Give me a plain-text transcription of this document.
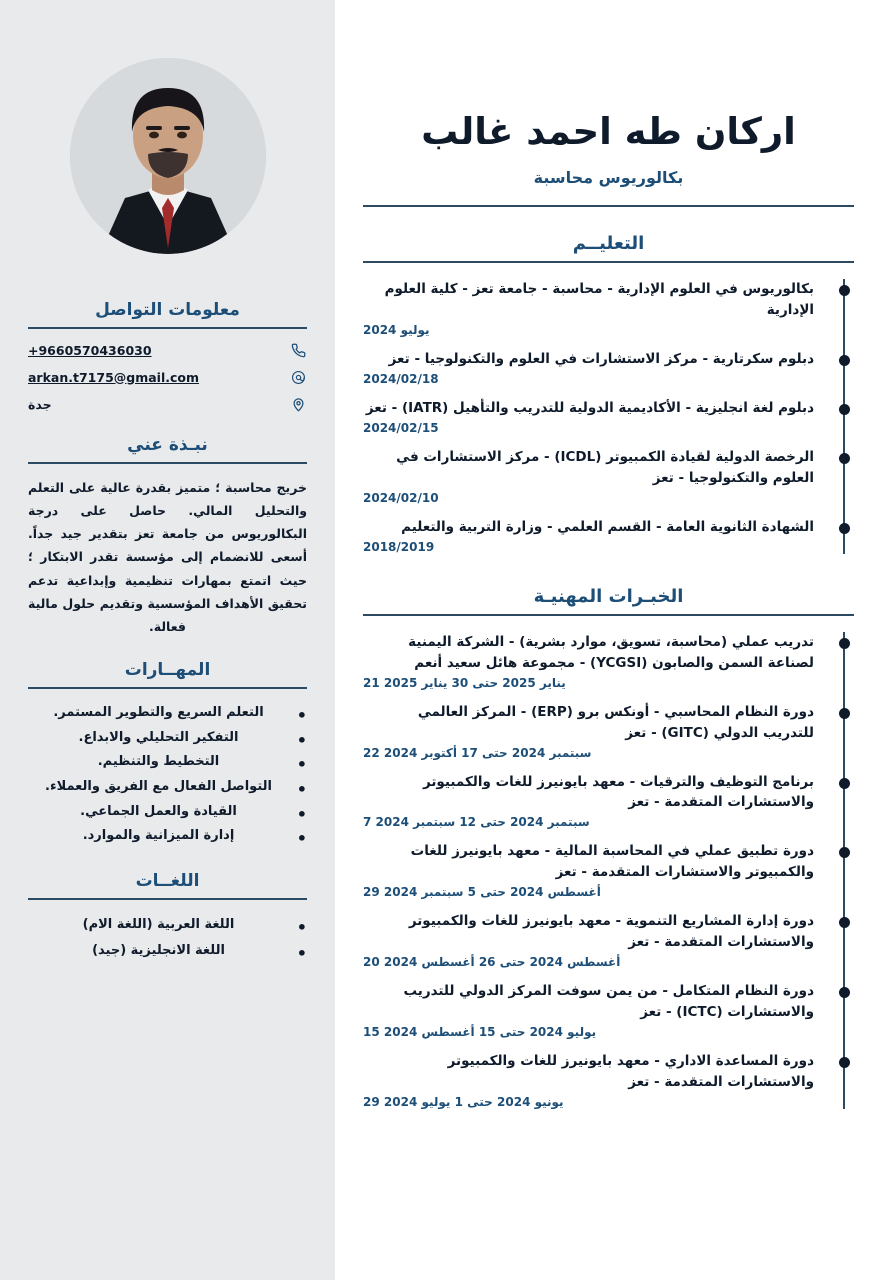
اركان طه احمد غالب
بكالوريوس محاسبة
التعليــم
بكالوريوس في العلوم الإدارية - محاسبة - جامعة تعز - كلية العلوم الإدارية
يوليو 2024
دبلوم سكرتارية - مركز الاستشارات في العلوم والتكنولوجيا - تعز
2024/02/18
دبلوم لغة انجليزية - الأكاديمية الدولية للتدريب والتأهيل (IATR) - تعز
2024/02/15
الرخصة الدولية لقيادة الكمبيوتر (ICDL) - مركز الاستشارات في العلوم والتكنولوجيا - تعز
2024/02/10
الشهادة الثانوية العامة - القسم العلمي - وزارة التربية والتعليم
2018/2019
الخبـرات المهنيـة
تدريب عملي (محاسبة، تسويق، موارد بشرية) - الشركة اليمنية لصناعة السمن والصابون (YCGSI) - مجموعة هائل سعيد أنعم
21 يناير 2025 حتى 30 يناير 2025
دورة النظام المحاسبي - أونكس برو (ERP) - المركز العالمي للتدريب الدولي (GITC) - تعز
22 سبتمبر 2024 حتى 17 أكتوبر 2024
برنامج التوظيف والترقيات - معهد بايونيرز للغات والكمبيوتر والاستشارات المتقدمة - تعز
7 سبتمبر 2024 حتى 12 سبتمبر 2024
دورة تطبيق عملي في المحاسبة المالية - معهد بايونيرز للغات والكمبيوتر والاستشارات المتقدمة - تعز
29 أغسطس 2024 حتى 5 سبتمبر 2024
دورة إدارة المشاريع التنموية - معهد بايونيرز للغات والكمبيوتر والاستشارات المتقدمة - تعز
20 أغسطس 2024 حتى 26 أغسطس 2024
دورة النظام المتكامل - من يمن سوفت المركز الدولي للتدريب والاستشارات (ICTC) - تعز
15 يوليو 2024 حتى 15 أغسطس 2024
دورة المساعدة الاداري - معهد بايونيرز للغات والكمبيوتر والاستشارات المتقدمة - تعز
29 يونيو 2024 حتى 1 يوليو 2024
معلومات التواصل
+9660570436030
arkan.t7175@gmail.com
جدة
نبـذة عني
خريج محاسبة ؛ متميز بقدرة عالية على التعلم والتحليل المالي. حاصل على درجة البكالوريوس من جامعة تعز بتقدير جيد جداً. أسعى للانضمام إلى مؤسسة تقدر الابتكار ؛ حيث اتمتع بمهارات تنظيمية وإبداعية تدعم تحقيق الأهداف المؤسسية وتقديم حلول مالية فعالة.
المهــارات
• التعلم السريع والتطوير المستمر.
• التفكير التحليلي والابداع.
• التخطيط والتنظيم.
• التواصل الفعال مع الفريق والعملاء.
• القيادة والعمل الجماعي.
• إدارة الميزانية والموارد.
اللغــات
• اللغة العربية (اللغة الام)
• اللغة الانجليزية (جيد)
